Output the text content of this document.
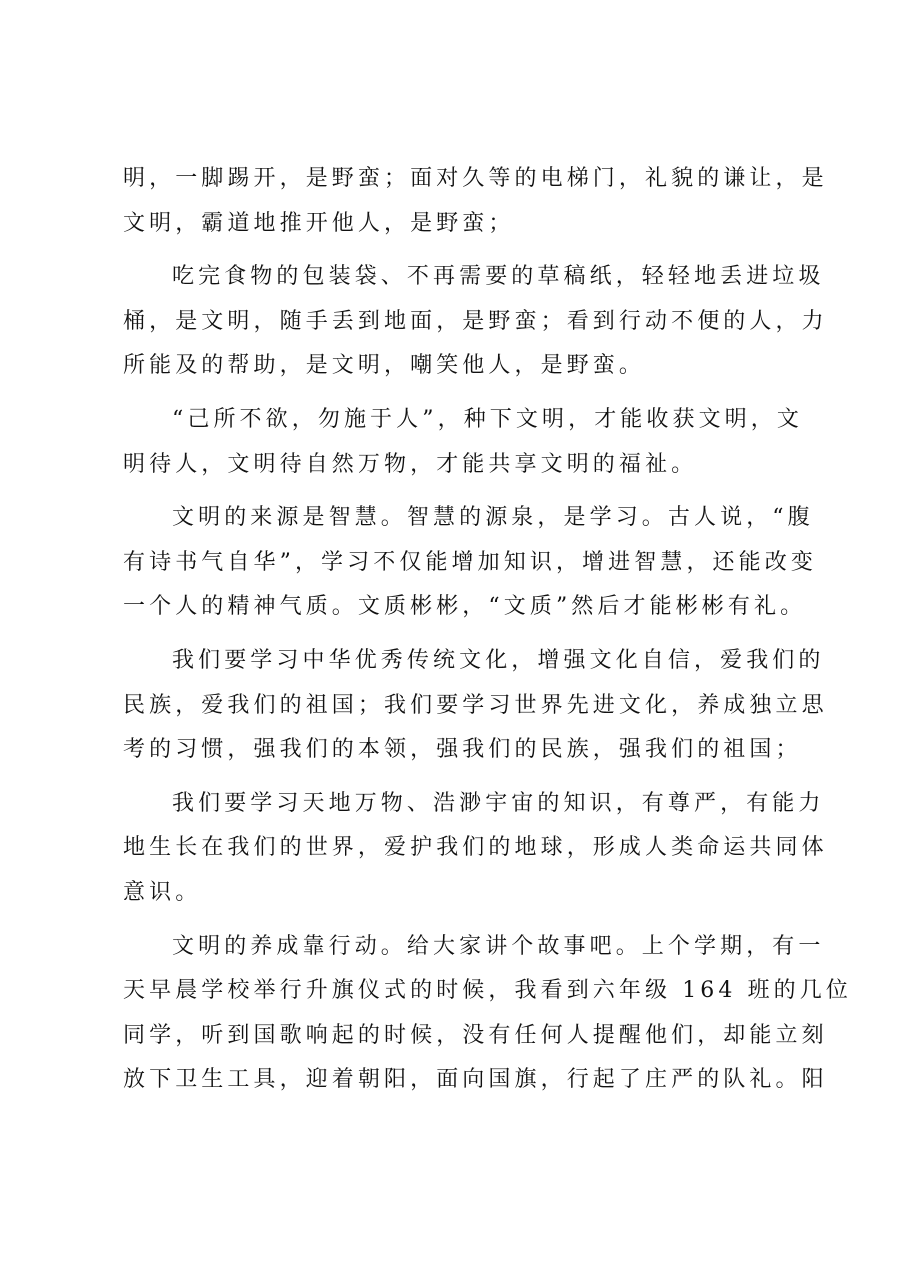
明，一脚踢开，是野蛮；面对久等的电梯门，礼貌的谦让，是
文明，霸道地推开他人，是野蛮；

吃完食物的包装袋、不再需要的草稿纸，轻轻地丢进垃圾
桶，是文明，随手丢到地面，是野蛮；看到行动不便的人，力
所能及的帮助，是文明，嘲笑他人，是野蛮。

“己所不欲，勿施于人”，种下文明，才能收获文明，文
明待人，文明待自然万物，才能共享文明的福祉。

文明的来源是智慧。智慧的源泉，是学习。古人说，“腹
有诗书气自华”，学习不仅能增加知识，增进智慧，还能改变
一个人的精神气质。文质彬彬，“文质”然后才能彬彬有礼。

我们要学习中华优秀传统文化，增强文化自信，爱我们的
民族，爱我们的祖国；我们要学习世界先进文化，养成独立思
考的习惯，强我们的本领，强我们的民族，强我们的祖国；

我们要学习天地万物、浩渺宇宙的知识，有尊严，有能力
地生长在我们的世界，爱护我们的地球，形成人类命运共同体
意识。

文明的养成靠行动。给大家讲个故事吧。上个学期，有一
天早晨学校举行升旗仪式的时候，我看到六年级 164 班的几位
同学，听到国歌响起的时候，没有任何人提醒他们，却能立刻
放下卫生工具，迎着朝阳，面向国旗，行起了庄严的队礼。阳
